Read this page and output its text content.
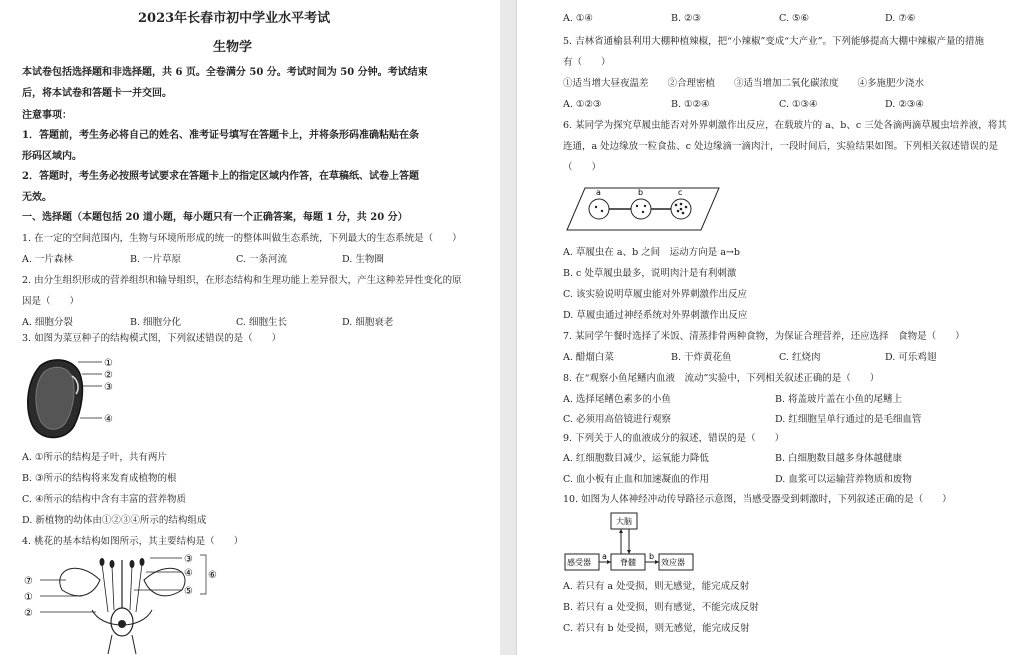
2023年长春市初中学业水平考试
生物学
本试卷包括选择题和非选择题，共 6 页。全卷满分 50 分。考试时间为 50 分钟。考试结束
后，将本试卷和答题卡一并交回。
注意事项：
1．答题前，考生务必将自己的姓名、准考证号填写在答题卡上，并将条形码准确粘贴在条
形码区域内。
2．答题时，考生务必按照考试要求在答题卡上的指定区域内作答，在草稿纸、试卷上答题
无效。
一、选择题（本题包括 20 道小题，每小题只有一个正确答案，每题 1 分，共 20 分）
1. 在一定的空间范围内，生物与环境所形成的统一的整体叫做生态系统，下列最大的生态系统是（　　）
A. 一片森林	B. 一片草原	C. 一条河流	D. 生物圈
2. 由分生组织形成的营养组织和输导组织，在形态结构和生理功能上差异很大，产生这种差异性变化的原
因是（　　）
A. 细胞分裂	B. 细胞分化	C. 细胞生长	D. 细胞衰老
3. 如图为菜豆种子的结构模式图，下列叙述错误的是（　　）
①
②
③
④
A. ①所示的结构是子叶，共有两片
B. ③所示的结构将来发育成植物的根
C. ④所示的结构中含有丰富的营养物质
D. 新植物的幼体由①②③④所示的结构组成
4. 桃花的基本结构如图所示，其主要结构是（　　）
⑦
①
②
③
④
⑤
⑥
A. ①④	B. ②③	C. ⑤⑥	D. ⑦⑥
5. 吉林省通榆县利用大棚种植辣椒，把“小辣椒”变成“大产业”。下列能够提高大棚中辣椒产量的措施
有（　　）
①适当增大昼夜温差　　②合理密植　　③适当增加二氧化碳浓度　　④多施肥少浇水
A. ①②③	B. ①②④	C. ①③④	D. ②③④
6. 某同学为探究草履虫能否对外界刺激作出反应，在载玻片的 a、b、c 三处各滴两滴草履虫培养液，将其
连通，a 处边缘放一粒食盐、c 处边缘滴一滴肉汁，一段时间后，实验结果如图。下列相关叙述错误的是
（　　）
a	b	c
A. 草履虫在 a、b 之间　运动方向是 a→b
B. c 处草履虫最多，说明肉汁是有利刺激
C. 该实验说明草履虫能对外界刺激作出反应
D. 草履虫通过神经系统对外界刺激作出反应
7. 某同学午餐时选择了米饭、清蒸排骨两种食物，为保证合理营养，还应选择　食物是（　　）
A. 醋熘白菜	B. 干炸黄花鱼	C. 红烧肉	D. 可乐鸡翅
8. 在“观察小鱼尾鳍内血液　流动”实验中，下列相关叙述正确的是（　　）
A. 选择尾鳍色素多的小鱼	B. 将盖玻片盖在小鱼的尾鳍上
C. 必须用高倍镜进行观察	D. 红细胞呈单行通过的是毛细血管
9. 下列关于人的血液成分的叙述，错误的是（　　）
A. 红细胞数目减少，运氧能力降低	B. 白细胞数目越多身体越健康
C. 血小板有止血和加速凝血的作用	D. 血浆可以运输营养物质和废物
10. 如图为人体神经冲动传导路径示意图，当感受器受到刺激时，下列叙述正确的是（　　）
大脑
感受器	脊髓	效应器
a	b
A. 若只有 a 处受损，则无感觉，能完成反射
B. 若只有 a 处受损，则有感觉，不能完成反射
C. 若只有 b 处受损，则无感觉，能完成反射
